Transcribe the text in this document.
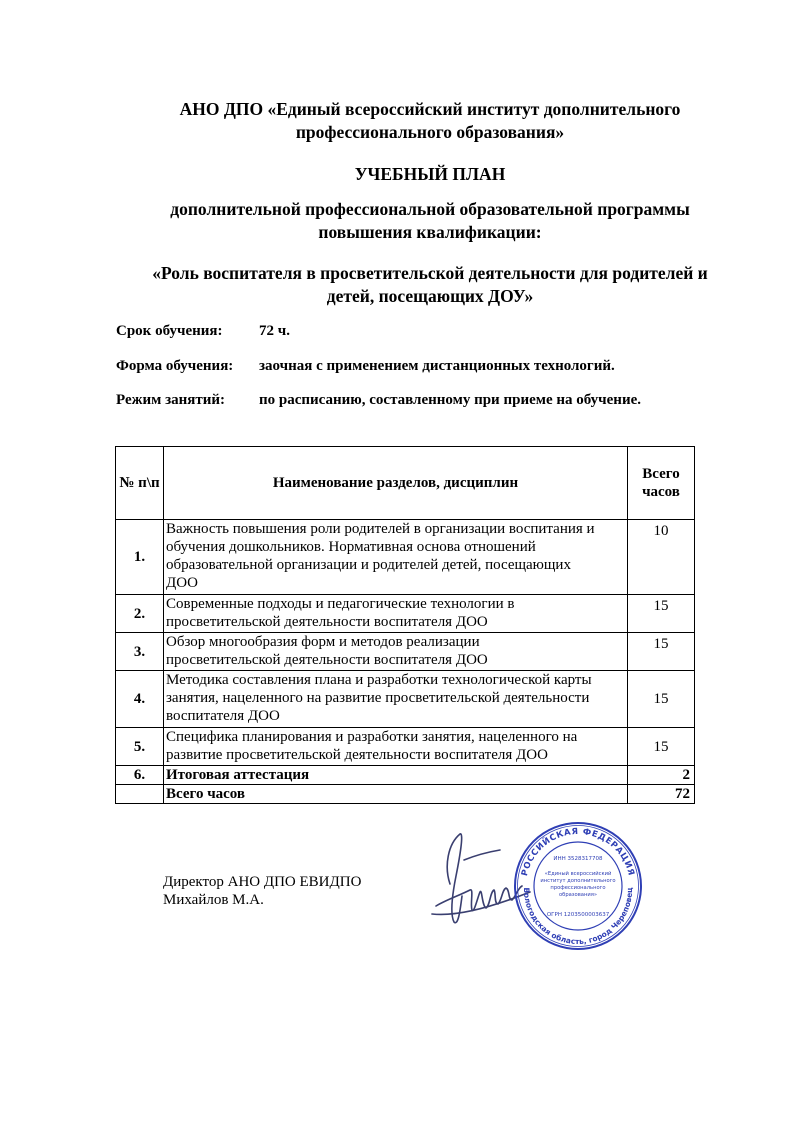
АНО ДПО «Единый всероссийский институт дополнительного
профессионального образования»
УЧЕБНЫЙ ПЛАН
дополнительной профессиональной образовательной программы
повышения квалификации:
«Роль воспитателя в просветительской деятельности для родителей и
детей, посещающих ДОУ»
Срок обучения: 72 ч.
Форма обучения: заочная с применением дистанционных технологий.
Режим занятий: по расписанию, составленному при приеме на обучение.
№ п\п	Наименование разделов, дисциплин	Всего
часов

1.	Важность повышения роли родителей в организации воспитания и
обучения дошкольников. Нормативная основа отношений
образовательной организации и родителей детей, посещающих
ДОО	10
2.	Современные подходы и педагогические технологии в
просветительской деятельности воспитателя ДОО	15
3.	Обзор многообразия форм и методов реализации
просветительской деятельности воспитателя ДОО	15
4.	Методика составления плана и разработки технологической карты
занятия, нацеленного на развитие просветительской деятельности
воспитателя ДОО	15
5.	Специфика планирования и разработки занятия, нацеленного на
развитие просветительской деятельности воспитателя ДОО	15
6.	Итоговая аттестация	2
	Всего часов	72
Директор АНО ДПО ЕВИДПО
Михайлов М.А.
РОССИЙСКАЯ ФЕДЕРАЦИЯ
Вологодская область, город Череповец
ИНН 3528317708
ОГРН 1203500003637
«Единый всероссийский
институт дополнительного
профессионального
образования»
